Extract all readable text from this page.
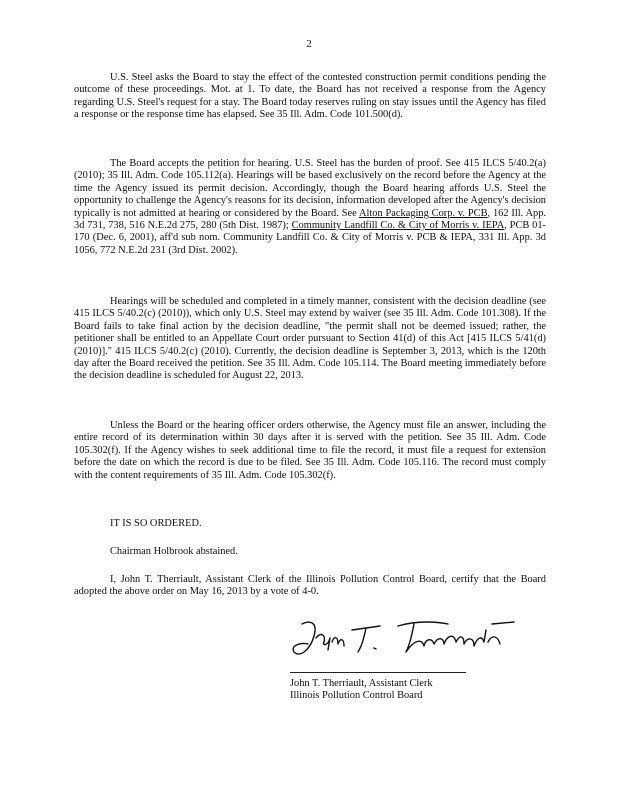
2

U.S. Steel asks the Board to stay the effect of the contested construction permit conditions pending the outcome of these proceedings. Mot. at 1. To date, the Board has not received a response from the Agency regarding U.S. Steel's request for a stay. The Board today reserves ruling on stay issues until the Agency has filed a response or the response time has elapsed. See 35 Ill. Adm. Code 101.500(d).

The Board accepts the petition for hearing. U.S. Steel has the burden of proof. See 415 ILCS 5/40.2(a) (2010); 35 Ill. Adm. Code 105.112(a). Hearings will be based exclusively on the record before the Agency at the time the Agency issued its permit decision. Accordingly, though the Board hearing affords U.S. Steel the opportunity to challenge the Agency's reasons for its decision, information developed after the Agency's decision typically is not admitted at hearing or considered by the Board. See Alton Packaging Corp. v. PCB, 162 Ill. App. 3d 731, 738, 516 N.E.2d 275, 280 (5th Dist. 1987); Community Landfill Co. & City of Morris v. IEPA, PCB 01-170 (Dec. 6, 2001), aff'd sub nom. Community Landfill Co. & City of Morris v. PCB & IEPA, 331 Ill. App. 3d 1056, 772 N.E.2d 231 (3rd Dist. 2002).

Hearings will be scheduled and completed in a timely manner, consistent with the decision deadline (see 415 ILCS 5/40.2(c) (2010)), which only U.S. Steel may extend by waiver (see 35 Ill. Adm. Code 101.308). If the Board fails to take final action by the decision deadline, "the permit shall not be deemed issued; rather, the petitioner shall be entitled to an Appellate Court order pursuant to Section 41(d) of this Act [415 ILCS 5/41(d) (2010)]." 415 ILCS 5/40.2(c) (2010). Currently, the decision deadline is September 3, 2013, which is the 120th day after the Board received the petition. See 35 Ill. Adm. Code 105.114. The Board meeting immediately before the decision deadline is scheduled for August 22, 2013.

Unless the Board or the hearing officer orders otherwise, the Agency must file an answer, including the entire record of its determination within 30 days after it is served with the petition. See 35 Ill. Adm. Code 105.302(f). If the Agency wishes to seek additional time to file the record, it must file a request for extension before the date on which the record is due to be filed. See 35 Ill. Adm. Code 105.116. The record must comply with the content requirements of 35 Ill. Adm. Code 105.302(f).

IT IS SO ORDERED.

Chairman Holbrook abstained.

I, John T. Therriault, Assistant Clerk of the Illinois Pollution Control Board, certify that the Board adopted the above order on May 16, 2013 by a vote of 4-0.

John T. Therriault, Assistant Clerk
Illinois Pollution Control Board
